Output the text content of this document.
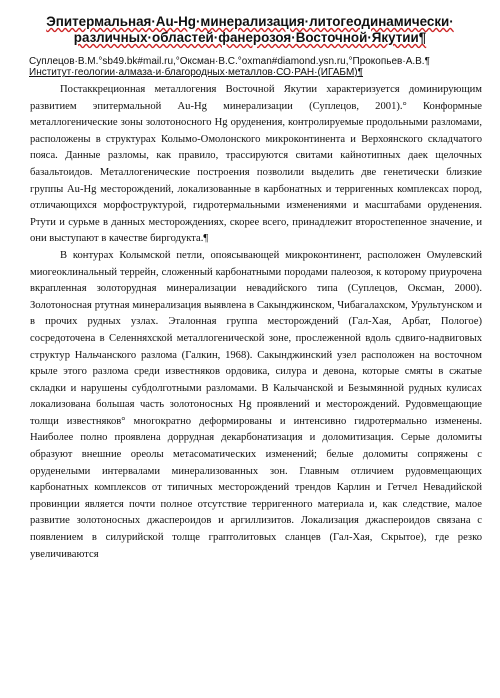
Эпитермальная·Au-Hg·минерализация·литогеодинамически· различных·областей·фанерозоя·Восточной·Якутии¶
Суплецов·В.М.°sb49.bk#mail.ru,°Оксман·В.С.°oxman#diamond.ysn.ru,°Прокопьев·А.В.¶
Институт·геологии·алмаза·и·благородных·металлов·СО·РАН·(ИГАБМ)¶

Постаккреционная металлогения Восточной Якутии характеризуется доминирующим развитием эпитермальной Au-Hg минерализации (Суплецов, 2001).° Конформные металлогенические зоны золотоносного Hg оруденения, контролируемые продольными разломами, расположены в структурах Колымо-Омолонского микроконтинента и Верхоянского складчатого пояса. Данные разломы, как правило, трассируются свитами кайнотипных даек щелочных базальтоидов. Металлогенические построения позволили выделить две генетически близкие группы Au-Hg месторождений, локализованные в карбонатных и терригенных комплексах пород, отличающихся морфоструктурой, гидротермальными изменениями и масштабами оруденения. Ртути и сурьме в данных месторождениях, скорее всего, принадлежит второстепенное значение, и они выступают в качестве биргодукта.¶

В контурах Колымской петли, опоясывающей микроконтинент, расположен Омулевский миогеоклинальный террейн, сложенный карбонатными породами палеозоя, к которому приурочена вкрапленная золоторудная минерализации невадийского типа (Суплецов, Оксман, 2000). Золотоносная ртутная минерализация выявлена в Сакынджинском, Чибагалахском, Урультунском и в прочих рудных узлах. Эталонная группа месторождений (Гал-Хая, Арбат, Пологое) сосредоточена в Селенняхской металлогенической зоне, прослеженной вдоль сдвиго-надвиговых структур Нальчанского разлома (Галкин, 1968). Сакынджинский узел расположен на восточном крыле этого разлома среди известняков ордовика, силура и девона, которые смяты в сжатые складки и нарушены субдолготными разломами. В Калычанской и Безымянной рудных кулисах локализована большая часть золотоносных Hg проявлений и месторождений. Рудовмещающие толщи известняков° многократно деформированы и интенсивно гидротермально изменены. Наиболее полно проявлена доррудная декарбонатизация и доломитизация. Серые доломиты образуют внешние ореолы метасоматических изменений; белые доломиты сопряжены с оруденелыми интервалами минерализованных зон. Главным отличием рудовмещающих карбонатных комплексов от типичных месторождений трендов Карлин и Гетчел Невадийской провинции является почти полное отсутствие терригенного материала и, как следствие, малое развитие золотоносных джаспероидов и аргиллизитов. Локализация джаспероидов связана с появлением в силурийской толще граптолитовых сланцев (Гал-Хая, Скрытое), где резко увеличиваются
